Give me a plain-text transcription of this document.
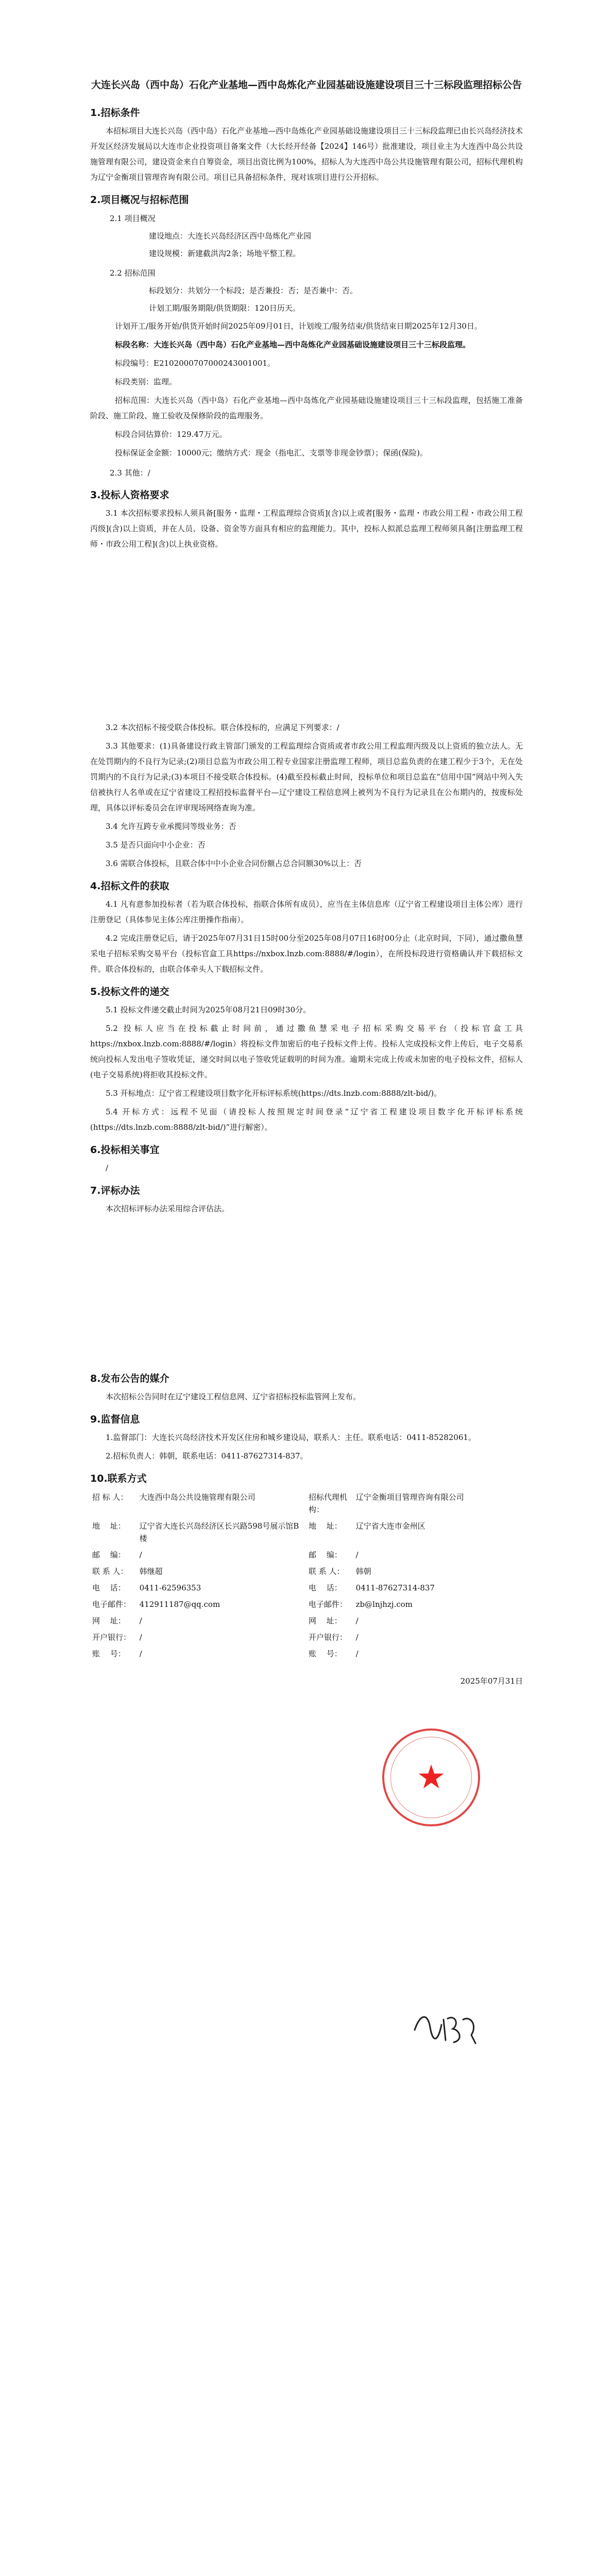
大连长兴岛（西中岛）石化产业基地—西中岛炼化产业园基础设施建设项目三十三标段监理招标公告
1.招标条件
本招标项目大连长兴岛（西中岛）石化产业基地—西中岛炼化产业园基础设施建设项目三十三标段监理已由长兴岛经济技术开发区经济发展局以大连市企业投资项目备案文件（大长经开经备【2024】146号）批准建设，项目业主为大连西中岛公共设施管理有限公司，建设资金来自自筹资金，项目出资比例为100%，招标人为大连西中岛公共设施管理有限公司，招标代理机构为辽宁金衡项目管理咨询有限公司。项目已具备招标条件，现对该项目进行公开招标。
2.项目概况与招标范围
2.1 项目概况
建设地点：大连长兴岛经济区西中岛炼化产业园
建设规模：新建截洪沟2条；场地平整工程。
2.2 招标范围
标段划分：共划分一个标段；是否兼投：否；是否兼中：否。
计划工期/服务期限/供货期限：120日历天。
计划开工/服务开始/供货开始时间2025年09月01日，计划竣工/服务结束/供货结束日期2025年12月30日。
标段名称：大连长兴岛（西中岛）石化产业基地—西中岛炼化产业园基础设施建设项目三十三标段监理。
标段编号：E2102000707000243001001。
标段类别：监理。
招标范围：大连长兴岛（西中岛）石化产业基地—西中岛炼化产业园基础设施建设项目三十三标段监理，包括施工准备阶段、施工阶段、施工验收及保修阶段的监理服务。
标段合同估算价：129.47万元。
投标保证金金额：10000元；缴纳方式：现金（指电汇、支票等非现金钞票）；保函(保险)。
2.3 其他：/
3.投标人资格要求
3.1 本次招标要求投标人须具备[服务・监理・工程监理综合资质](含)以上或者[服务・监理・市政公用工程・市政公用工程丙级](含)以上资质，并在人员、设备、资金等方面具有相应的监理能力。其中，投标人拟派总监理工程师须具备[注册监理工程师・市政公用工程](含)以上执业资格。
3.2 本次招标不接受联合体投标。联合体投标的，应满足下列要求：/
3.3 其他要求：(1)具备建设行政主管部门颁发的工程监理综合资质或者市政公用工程监理丙级及以上资质的独立法人。无在处罚期内的不良行为记录;(2)项目总监为市政公用工程专业国家注册监理工程师，项目总监负责的在建工程少于3个，无在处罚期内的不良行为记录;(3)本项目不接受联合体投标。(4)截至投标截止时间，投标单位和项目总监在“信用中国”网站中列入失信被执行人名单或在辽宁省建设工程招投标监督平台—辽宁建设工程信息网上被列为不良行为记录且在公布期内的，按废标处理，具体以评标委员会在评审现场网络查询为准。
3.4 允许互跨专业承揽同等级业务：否
3.5 是否只面向中小企业：否
3.6 需联合体投标，且联合体中中小企业合同份额占总合同额30%以上：否
4.招标文件的获取
4.1 凡有意参加投标者（若为联合体投标，指联合体所有成员），应当在主体信息库（辽宁省工程建设项目主体公库）进行注册登记（具体参见主体公库注册操作指南）。
4.2 完成注册登记后，请于2025年07月31日15时00分至2025年08月07日16时00分止（北京时间，下同），通过撒鱼慧采电子招标采购交易平台（投标官盒工具https://nxbox.lnzb.com:8888/#/login），在所投标段进行资格确认并下载招标文件。联合体投标的，由联合体牵头人下载招标文件。
5.投标文件的递交
5.1 投标文件递交截止时间为2025年08月21日09时30分。
5.2 投标人应当在投标截止时间前，通过撒鱼慧采电子招标采购交易平台（投标官盒工具https://nxbox.lnzb.com:8888/#/login）将投标文件加密后的电子投标文件上传。投标人完成投标文件上传后，电子交易系统向投标人发出电子签收凭证，递交时间以电子签收凭证载明的时间为准。逾期未完成上传或未加密的电子投标文件，招标人(电子交易系统)将拒收其投标文件。
5.3 开标地点：辽宁省工程建设项目数字化开标评标系统(https://dts.lnzb.com:8888/zlt-bid/)。
5.4 开标方式：远程不见面（请投标人按照规定时间登录“辽宁省工程建设项目数字化开标评标系统(https://dts.lnzb.com:8888/zlt-bid/)”进行解密）。
6.投标相关事宜
/
7.评标办法
本次招标评标办法采用综合评估法。
8.发布公告的媒介
本次招标公告同时在辽宁建设工程信息网、辽宁省招标投标监管网上发布。
9.监督信息
1.监督部门：大连长兴岛经济技术开发区住房和城乡建设局，联系人：主任。联系电话：0411-85282061。
2.招标负责人：韩朝，联系电话：0411-87627314-837。
10.联系方式
招 标 人：	大连西中岛公共设施管理有限公司	招标代理机构：	辽宁金衡项目管理咨询有限公司
地 　址：	辽宁省大连长兴岛经济区长兴路598号展示馆B楼	地 　址：	辽宁省大连市金州区
邮 　编：	/	邮 　编：	/
联 系 人：	韩继超	联 系 人：	韩朝
电 　话：	0411-62596353	电 　话：	0411-87627314-837
电子邮件：	412911187@qq.com	电子邮件：	zb@lnjhzj.com
网 　址：	/	网 　址：	/
开户银行：	/	开户银行：	/
账 　号：	/	账 　号：	/
2025年07月31日
★
